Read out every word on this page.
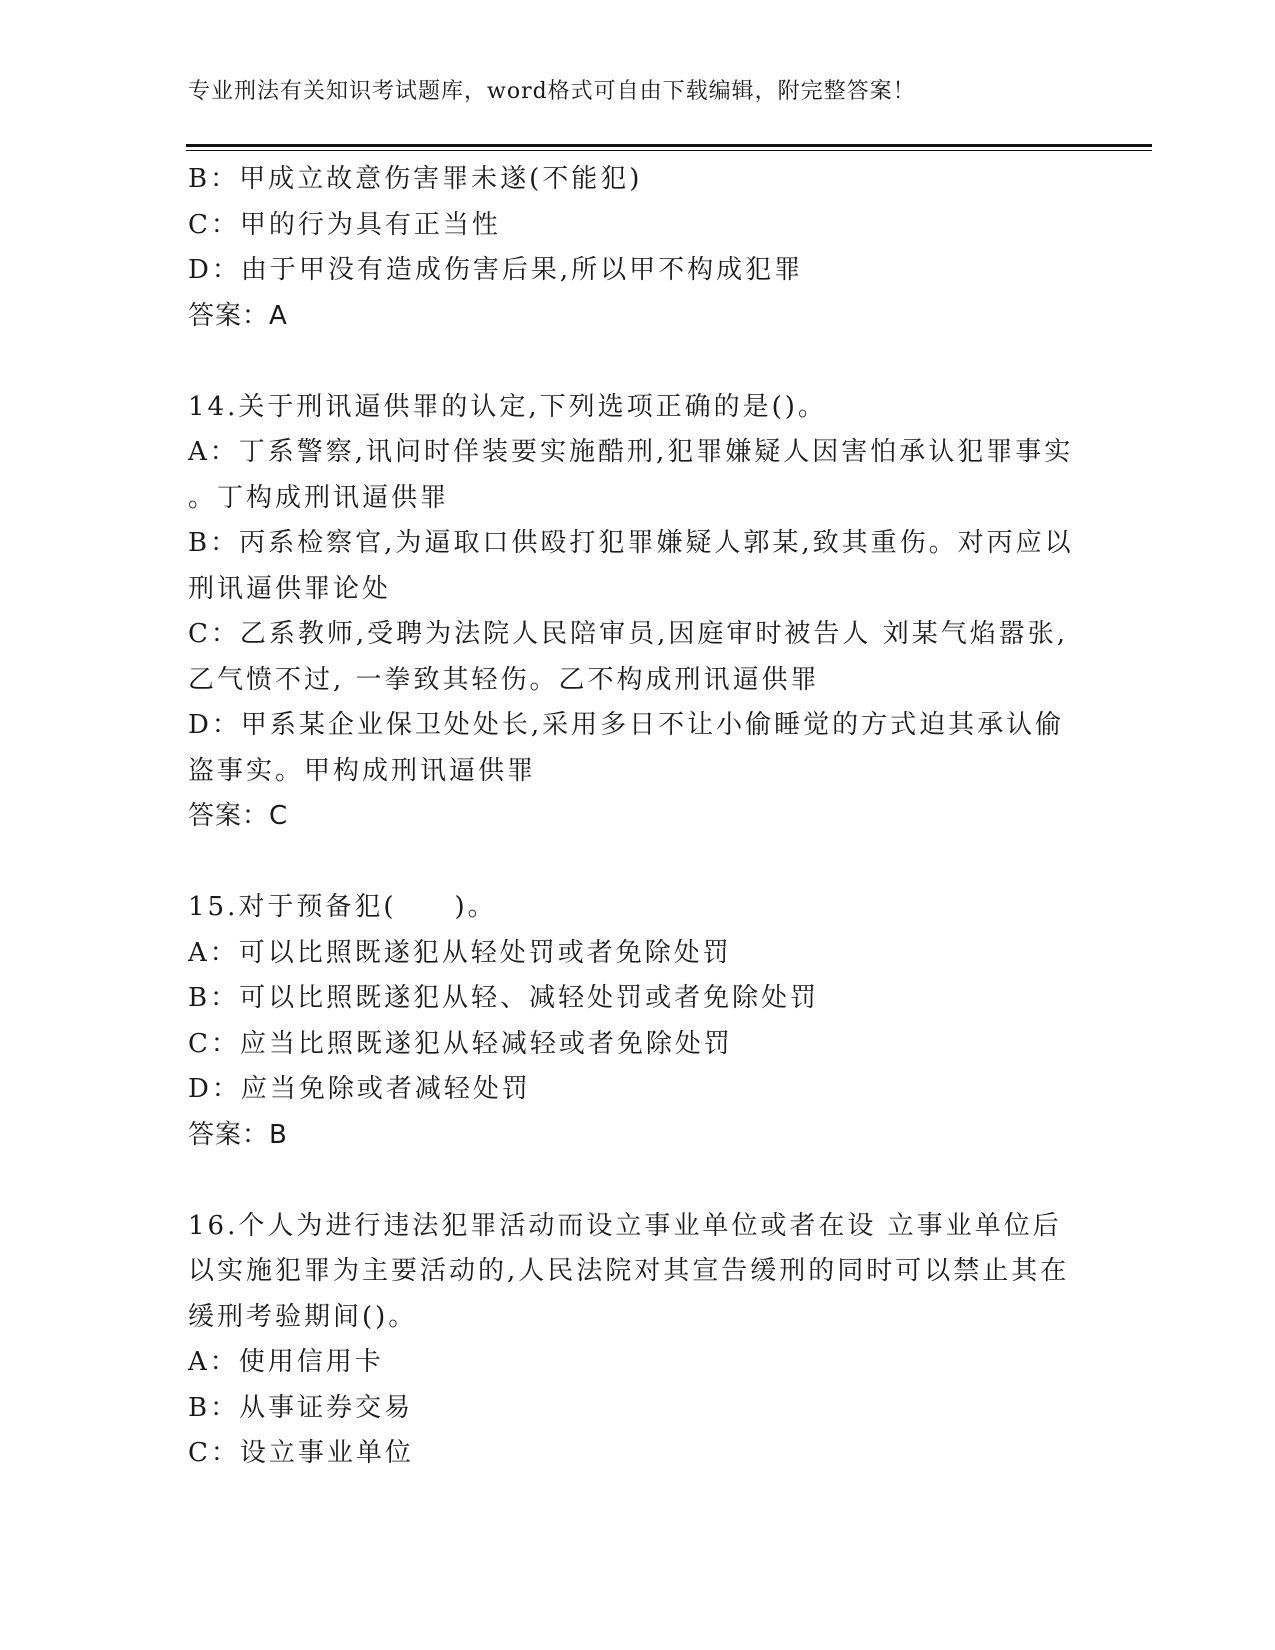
专业刑法有关知识考试题库，word格式可自由下载编辑，附完整答案！
B：甲成立故意伤害罪未遂(不能犯)
C：甲的行为具有正当性
D：由于甲没有造成伤害后果,所以甲不构成犯罪
答案：A
14.关于刑讯逼供罪的认定,下列选项正确的是()。
A：丁系警察,讯问时佯装要实施酷刑,犯罪嫌疑人因害怕承认犯罪事实
。丁构成刑讯逼供罪
B：丙系检察官,为逼取口供殴打犯罪嫌疑人郭某,致其重伤。对丙应以
刑讯逼供罪论处
C：乙系教师,受聘为法院人民陪审员,因庭审时被告人 刘某气焰嚣张,
乙气愤不过, 一拳致其轻伤。乙不构成刑讯逼供罪
D：甲系某企业保卫处处长,采用多日不让小偷睡觉的方式迫其承认偷
盗事实。甲构成刑讯逼供罪
答案：C
15.对于预备犯(　　)。
A：可以比照既遂犯从轻处罚或者免除处罚
B：可以比照既遂犯从轻、减轻处罚或者免除处罚
C：应当比照既遂犯从轻减轻或者免除处罚
D：应当免除或者减轻处罚
答案：B
16.个人为进行违法犯罪活动而设立事业单位或者在设 立事业单位后
以实施犯罪为主要活动的,人民法院对其宣告缓刑的同时可以禁止其在
缓刑考验期间()。
A：使用信用卡
B：从事证券交易
C：设立事业单位
